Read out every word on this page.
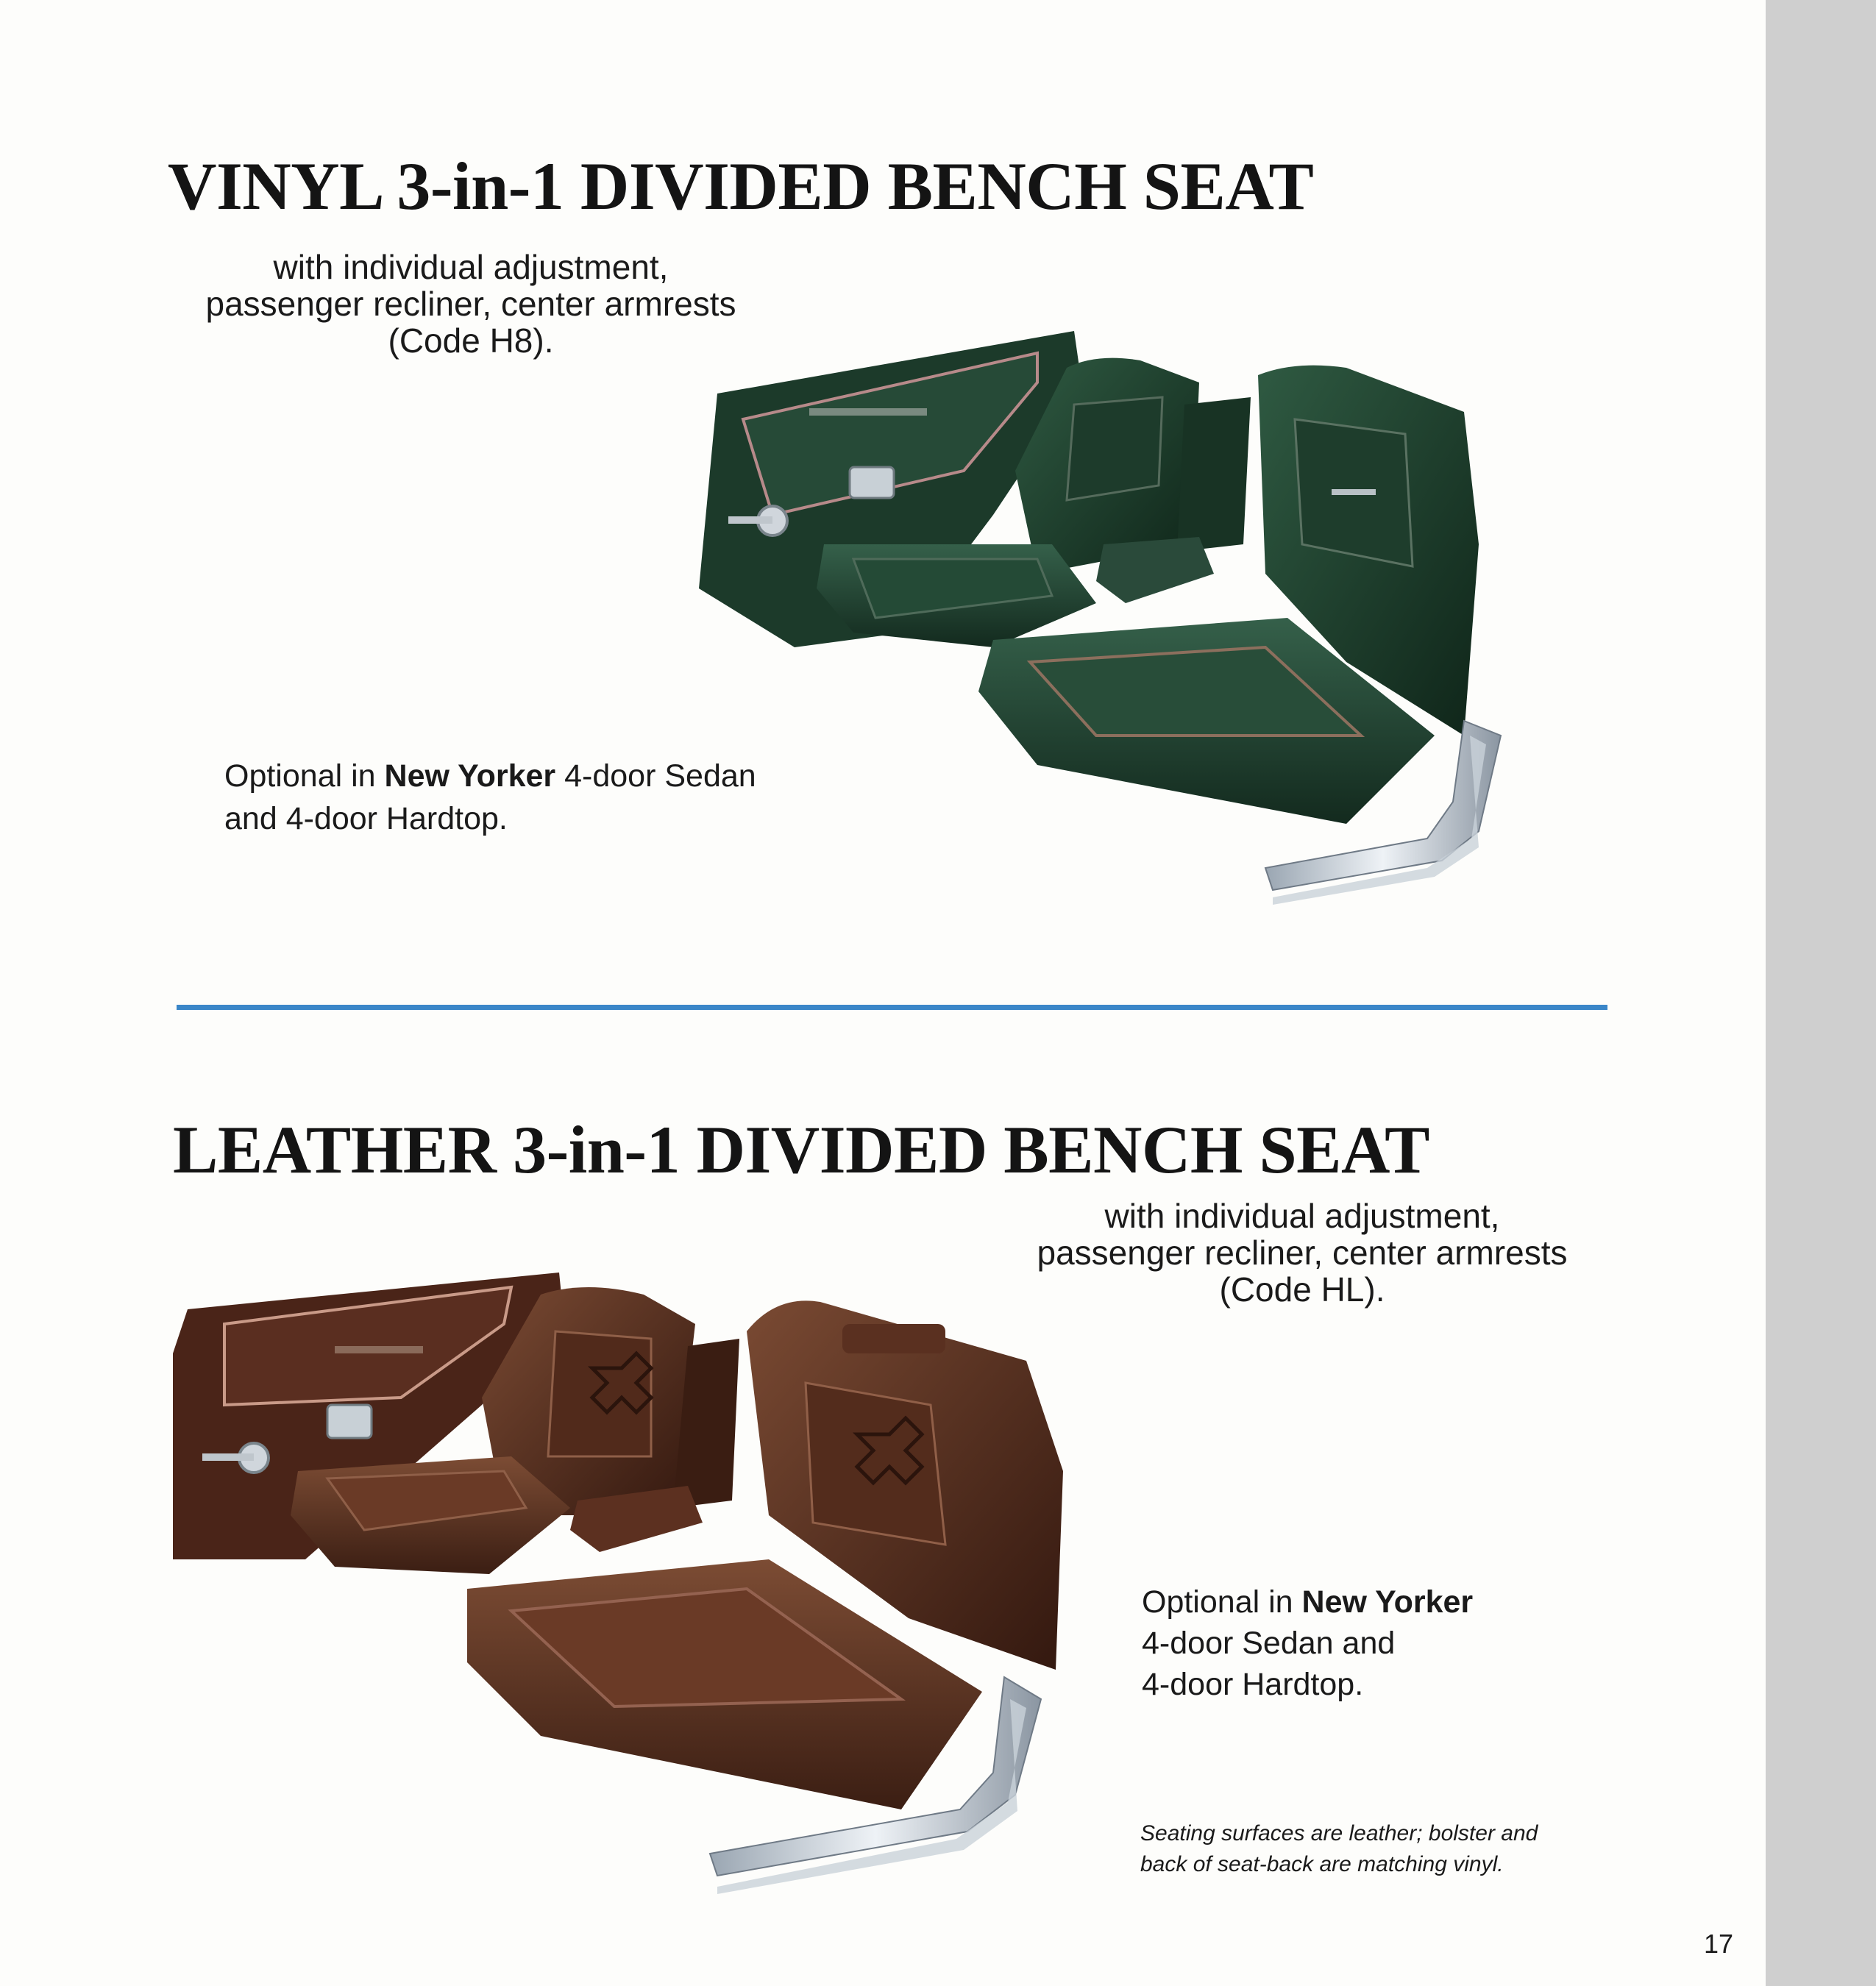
VINYL 3-in-1 DIVIDED BENCH SEAT

with individual adjustment,
passenger recliner, center armrests
(Code H8).

Optional in New Yorker 4-door Sedan
and 4-door Hardtop.

LEATHER 3-in-1 DIVIDED BENCH SEAT

with individual adjustment,
passenger recliner, center armrests
(Code HL).

Optional in New Yorker
4-door Sedan and
4-door Hardtop.

Seating surfaces are leather; bolster and
back of seat-back are matching vinyl.

17
